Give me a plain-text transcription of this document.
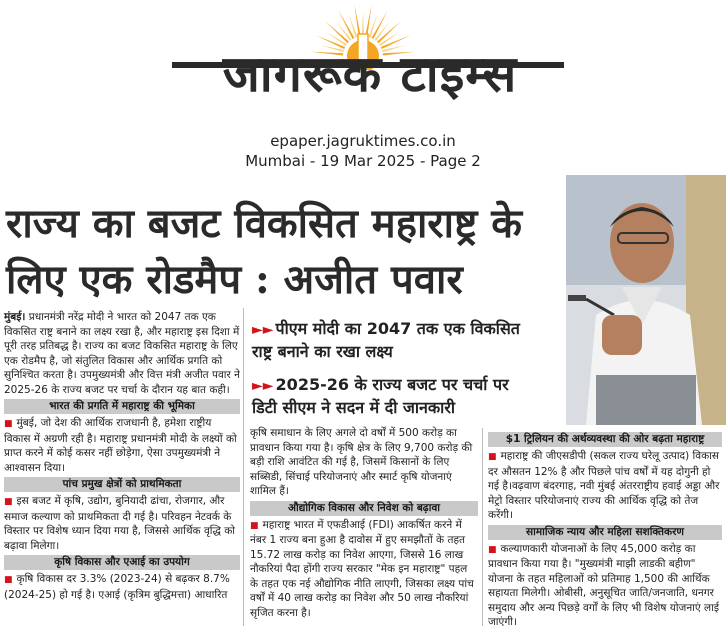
जागरूक टाइम्स
epaper.jagruktimes.co.in
Mumbai - 19 Mar 2025 - Page 2
राज्य का बजट विकसित महाराष्ट्र के
लिए एक रोडमैप : अजीत पवार
►► पीएम मोदी का 2047 तक एक विकसित
राष्ट्र बनाने का रखा लक्ष्य
►► 2025-26 के राज्य बजट पर चर्चा पर
डिटी सीएम ने सदन में दी जानकारी

मुंबई। प्रधानमंत्री नरेंद्र मोदी ने भारत को 2047 तक एक विकसित राष्ट्र बनाने का लक्ष्य रखा है, और महाराष्ट्र इस दिशा में पूरी तरह प्रतिबद्ध है। राज्य का बजट विकसित महाराष्ट्र के लिए एक रोडमैप है, जो संतुलित विकास और आर्थिक प्रगति को सुनिश्चित करता है। उपमुख्यमंत्री और वित्त मंत्री अजीत पवार ने 2025-26 के राज्य बजट पर चर्चा के दौरान यह बात कही।

भारत की प्रगति में महाराष्ट्र की भूमिका

■ मुंबई, जो देश की आर्थिक राजधानी है, हमेशा राष्ट्रीय विकास में अग्रणी रही है। महाराष्ट्र प्रधानमंत्री मोदी के लक्ष्यों को प्राप्त करने में कोई कसर नहीं छोड़ेगा, ऐसा उपमुख्यमंत्री ने आश्वासन दिया।

पांच प्रमुख क्षेत्रों को प्राथमिकता

■ इस बजट में कृषि, उद्योग, बुनियादी ढांचा, रोजगार, और समाज कल्याण को प्राथमिकता दी गई है। परिवहन नेटवर्क के विस्तार पर विशेष ध्यान दिया गया है, जिससे आर्थिक वृद्धि को बढ़ावा मिलेगा।

कृषि विकास और एआई का उपयोग

■ कृषि विकास दर 3.3% (2023-24) से बढ़कर 8.7% (2024-25) हो गई है। एआई (कृत्रिम बुद्धिमत्ता) आधारित

कृषि समाधान के लिए अगले दो वर्षों में 500 करोड़ का प्रावधान किया गया है। कृषि क्षेत्र के लिए 9,700 करोड़ की बड़ी राशि आवंटित की गई है, जिसमें किसानों के लिए सब्सिडी, सिंचाई परियोजनाएं और स्मार्ट कृषि योजनाएं शामिल हैं।

औद्योगिक विकास और निवेश को बढ़ावा

■ महाराष्ट्र भारत में एफडीआई (FDI) आकर्षित करने में नंबर 1 राज्य बना हुआ है दावोस में हुए समझौतों के तहत 15.72 लाख करोड़ का निवेश आएगा, जिससे 16 लाख नौकरियां पैदा होंगी राज्य सरकार "मेक इन महाराष्ट्र" पहल के तहत एक नई औद्योगिक नीति लाएगी, जिसका लक्ष्य पांच वर्षों में 40 लाख करोड़ का निवेश और 50 लाख नौकरियां सृजित करना है।

$1 ट्रिलियन की अर्थव्यवस्था की ओर बढ़ता महाराष्ट्र

■ महाराष्ट्र की जीएसडीपी (सकल राज्य घरेलू उत्पाद) विकास दर औसतन 12% है और पिछले पांच वर्षों में यह दोगुनी हो गई है।वढ़वाण बंदरगाह, नवी मुंबई अंतरराष्ट्रीय हवाई अड्डा और मेट्रो विस्तार परियोजनाएं राज्य की आर्थिक वृद्धि को तेज करेंगी।

सामाजिक न्याय और महिला सशक्तिकरण

■ कल्याणकारी योजनाओं के लिए 45,000 करोड़ का प्रावधान किया गया है। "मुख्यमंत्री माझी लाडकी बहीण" योजना के तहत महिलाओं को प्रतिमाह 1,500 की आर्थिक सहायता मिलेगी। ओबीसी, अनुसूचित जाति/जनजाति, धनगर समुदाय और अन्य पिछड़े वर्गों के लिए भी विशेष योजनाएं लाई जाएंगी।
